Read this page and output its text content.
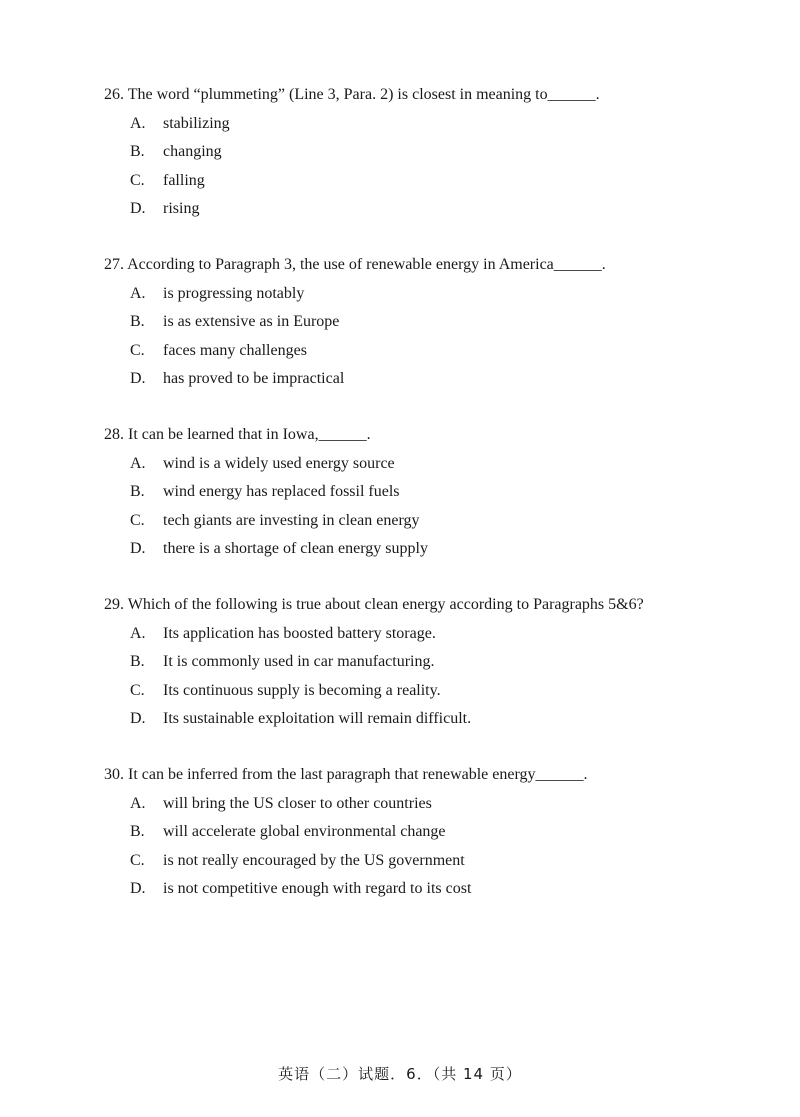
26. The word “plummeting” (Line 3, Para. 2) is closest in meaning to______.
A.	stabilizing
B.	changing
C.	falling
D.	rising
27. According to Paragraph 3, the use of renewable energy in America______.
A.	is progressing notably
B.	is as extensive as in Europe
C.	faces many challenges
D.	has proved to be impractical
28. It can be learned that in Iowa,______.
A.	wind is a widely used energy source
B.	wind energy has replaced fossil fuels
C.	tech giants are investing in clean energy
D.	there is a shortage of clean energy supply
29. Which of the following is true about clean energy according to Paragraphs 5&6?
A.	Its application has boosted battery storage.
B.	It is commonly used in car manufacturing.
C.	Its continuous supply is becoming a reality.
D.	Its sustainable exploitation will remain difficult.
30. It can be inferred from the last paragraph that renewable energy______.
A.	will bring the US closer to other countries
B.	will accelerate global environmental change
C.	is not really encouraged by the US government
D.	is not competitive enough with regard to its cost
英语（二）试题．6．（共 14 页）
